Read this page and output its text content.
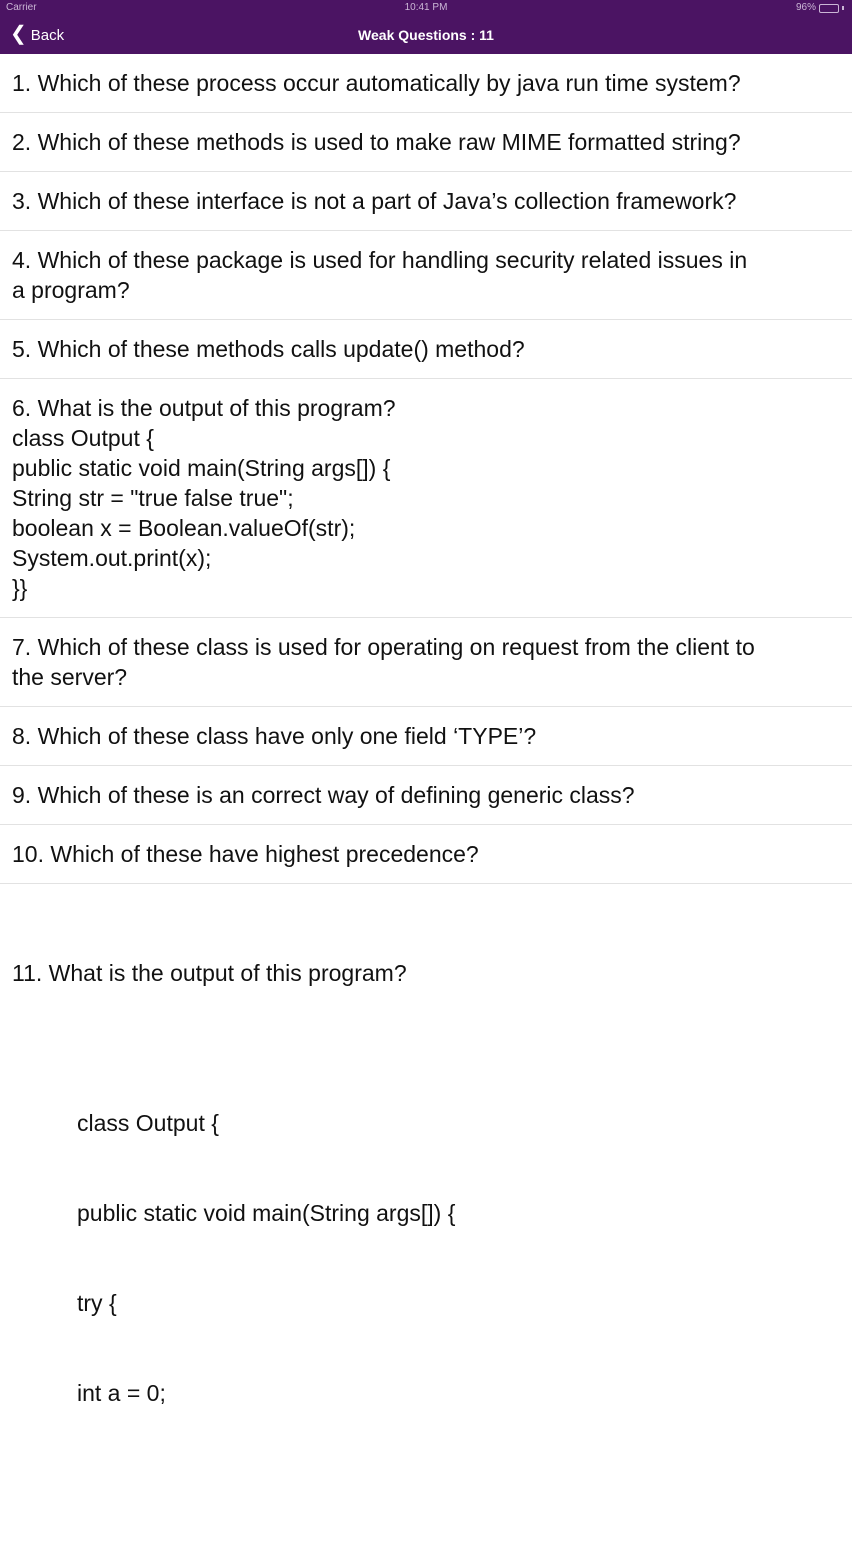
Carrier	10:41 PM	96%
❮ Back	Weak Questions : 11
1. Which of these process occur automatically by java run time system?
2. Which of these methods is used to make raw MIME formatted string?
3. Which of these interface is not a part of Java’s collection framework?
4. Which of these package is used for handling security related issues in
a program?
5. Which of these methods calls update() method?
6. What is the output of this program?
class Output {
public static void main(String args[]) {
String str = "true false true";
boolean x = Boolean.valueOf(str);
System.out.print(x);
}}
7. Which of these class is used for operating on request from the client to
the server?
8. Which of these class have only one field ‘TYPE’?
9. Which of these is an correct way of defining generic class?
10. Which of these have highest precedence?

11. What is the output of this program?

class Output {

public static void main(String args[]) {

try {

int a = 0;
